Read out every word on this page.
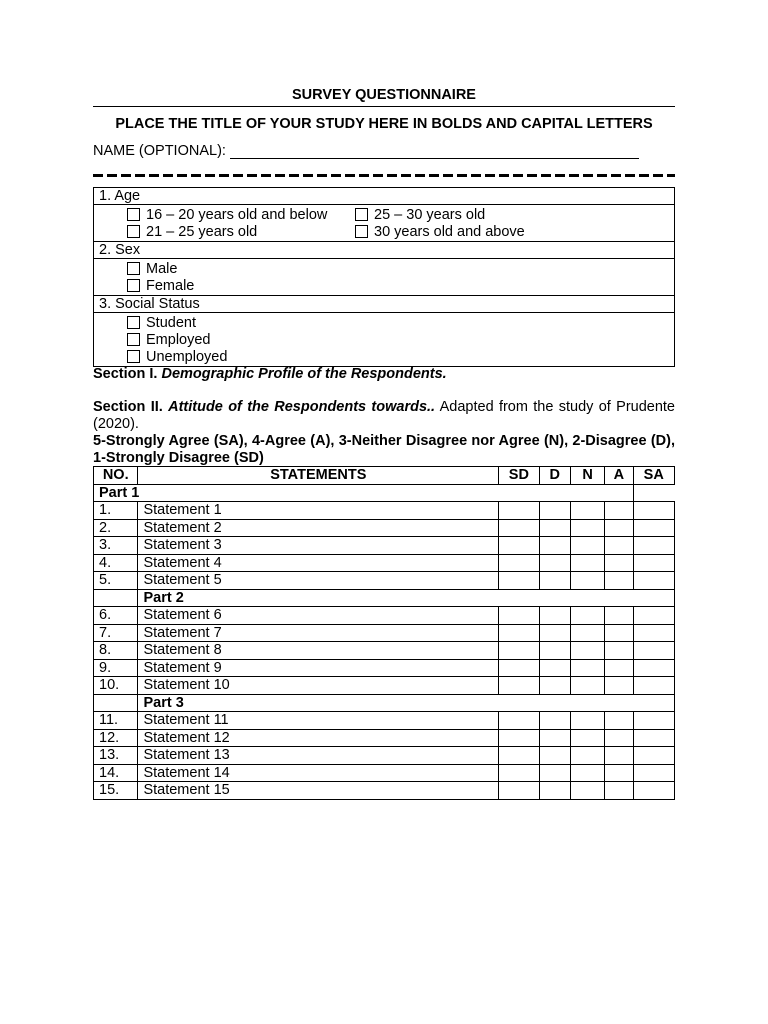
SURVEY QUESTIONNAIRE
PLACE THE TITLE OF YOUR STUDY HERE IN BOLDS AND CAPITAL LETTERS
NAME (OPTIONAL):
1. Age

16 – 20 years old and below
21 – 25 years old
25 – 30 years old
30 years old and above

2. Sex

Male
Female

3. Social Status

Student
Employed
Unemployed
Section I. Demographic Profile of the Respondents.
Section II. Attitude of the Respondents towards.. Adapted from the study of Prudente (2020).
5-Strongly Agree (SA), 4-Agree (A), 3-Neither Disagree nor Agree (N), 2-Disagree (D), 1-Strongly Disagree (SD)
NO.	STATEMENTS	SD	D	N	A	SA
Part 1						
1.	Statement 1					
2.	Statement 2					
3.	Statement 3					
4.	Statement 4					
5.	Statement 5					
	Part 2					
6.	Statement 6					
7.	Statement 7					
8.	Statement 8					
9.	Statement 9					
10.	Statement 10					
	Part 3					
11.	Statement 11					
12.	Statement 12					
13.	Statement 13					
14.	Statement 14					
15.	Statement 15					
